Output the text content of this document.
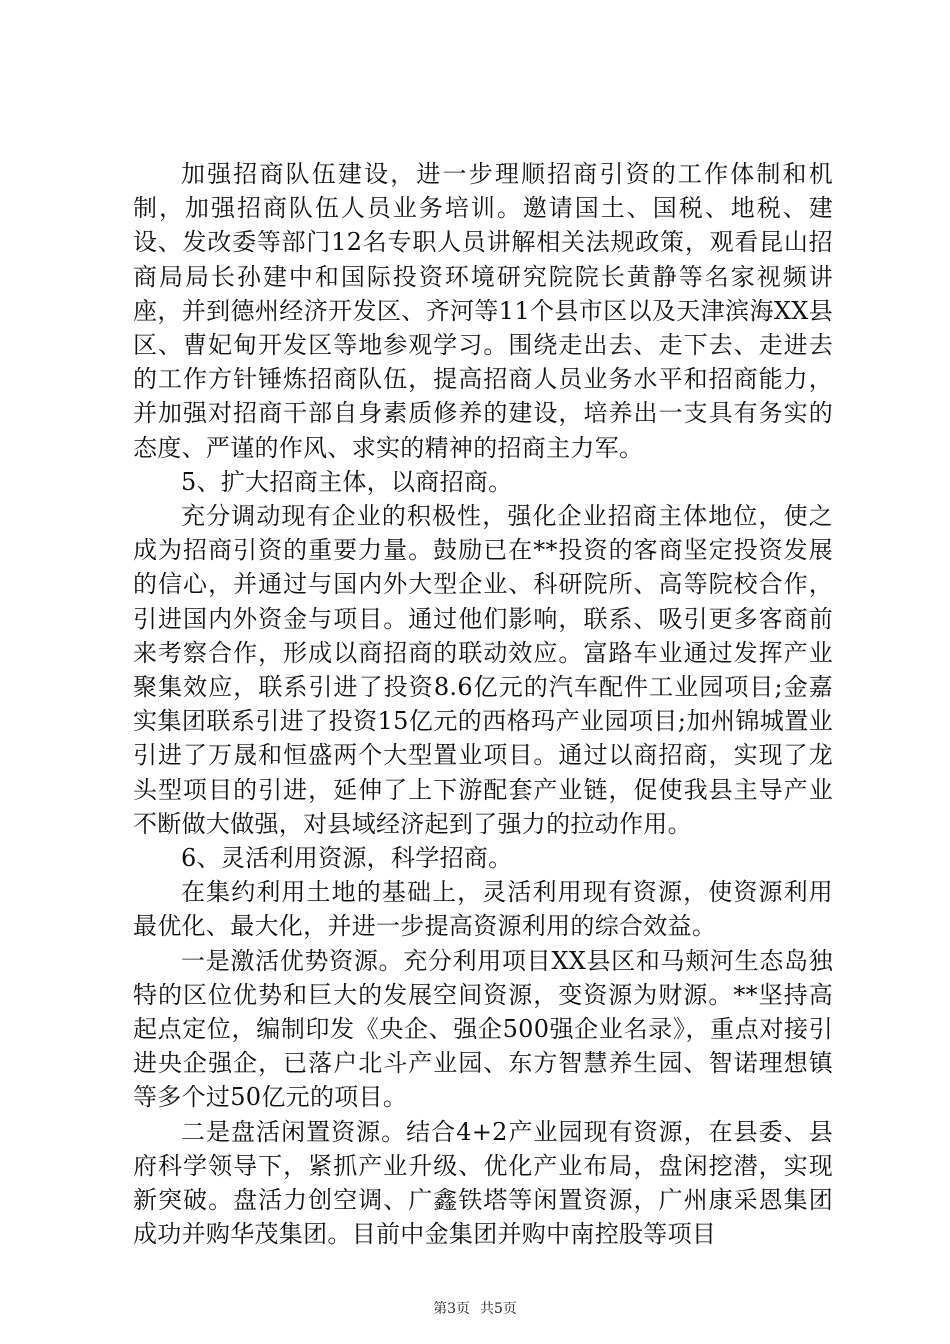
加强招商队伍建设，进一步理顺招商引资的工作体制和机制，加强招商队伍人员业务培训。邀请国土、国税、地税、建设、发改委等部门12名专职人员讲解相关法规政策，观看昆山招商局局长孙建中和国际投资环境研究院院长黄静等名家视频讲座，并到德州经济开发区、齐河等11个县市区以及天津滨海XX县区、曹妃甸开发区等地参观学习。围绕走出去、走下去、走进去的工作方针锤炼招商队伍，提高招商人员业务水平和招商能力，并加强对招商干部自身素质修养的建设，培养出一支具有务实的态度、严谨的作风、求实的精神的招商主力军。

5、扩大招商主体，以商招商。

充分调动现有企业的积极性，强化企业招商主体地位，使之成为招商引资的重要力量。鼓励已在**投资的客商坚定投资发展的信心，并通过与国内外大型企业、科研院所、高等院校合作，引进国内外资金与项目。通过他们影响，联系、吸引更多客商前来考察合作，形成以商招商的联动效应。富路车业通过发挥产业聚集效应，联系引进了投资8.6亿元的汽车配件工业园项目;金嘉实集团联系引进了投资15亿元的西格玛产业园项目;加州锦城置业引进了万晟和恒盛两个大型置业项目。通过以商招商，实现了龙头型项目的引进，延伸了上下游配套产业链，促使我县主导产业不断做大做强，对县域经济起到了强力的拉动作用。

6、灵活利用资源，科学招商。

在集约利用土地的基础上，灵活利用现有资源，使资源利用最优化、最大化，并进一步提高资源利用的综合效益。

一是激活优势资源。充分利用项目XX县区和马颊河生态岛独特的区位优势和巨大的发展空间资源，变资源为财源。**坚持高起点定位，编制印发《央企、强企500强企业名录》，重点对接引进央企强企，已落户北斗产业园、东方智慧养生园、智诺理想镇等多个过50亿元的项目。

二是盘活闲置资源。结合4+2产业园现有资源，在县委、县府科学领导下，紧抓产业升级、优化产业布局，盘闲挖潜，实现新突破。盘活力创空调、广鑫铁塔等闲置资源，广州康采恩集团成功并购华茂集团。目前中金集团并购中南控股等项目

第3页 共5页
